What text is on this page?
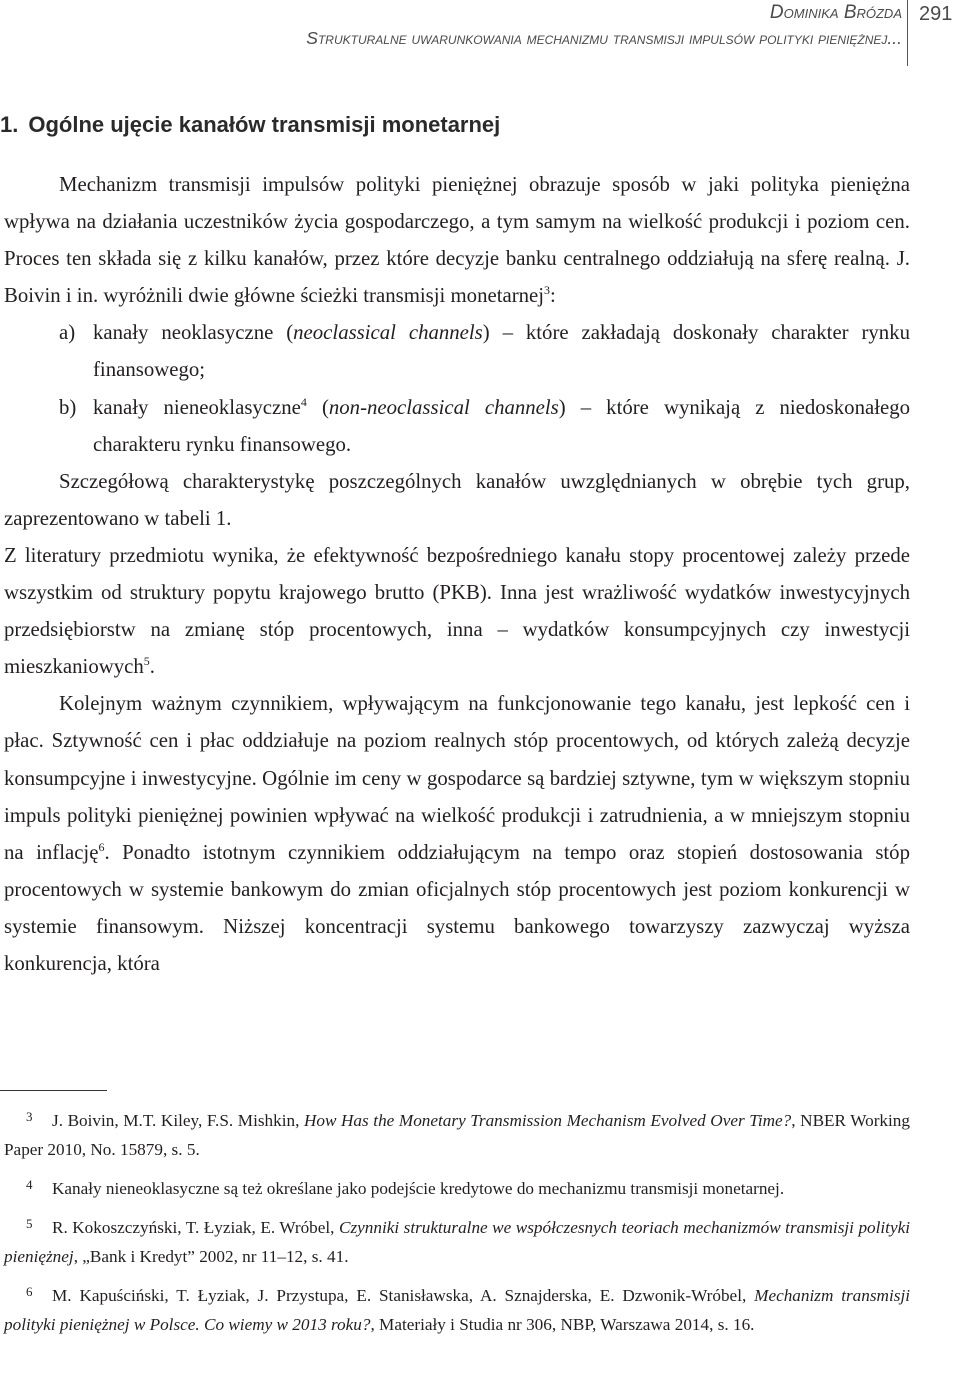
Dominika Brózda
Strukturalne uwarunkowania mechanizmu transmisji impulsów polityki pieniężnej...
291
1. Ogólne ujęcie kanałów transmisji monetarnej

Mechanizm transmisji impulsów polityki pieniężnej obrazuje sposób w jaki polityka pieniężna wpływa na działania uczestników życia gospodarczego, a tym samym na wielkość produkcji i poziom cen. Proces ten składa się z kilku kanałów, przez które decyzje banku centralnego oddziałują na sferę realną. J. Boivin i in. wyróżnili dwie główne ścieżki transmisji monetarnej$^3$:

a) kanały neoklasyczne (neoclassical channels) – które zakładają doskonały charakter rynku finansowego;
b) kanały nieneoklasyczne$^4$ (non-neoclassical channels) – które wynikają z niedoskonałego charakteru rynku finansowego.

Szczegółową charakterystykę poszczególnych kanałów uwzględnianych w obrębie tych grup, zaprezentowano w tabeli 1.

Z literatury przedmiotu wynika, że efektywność bezpośredniego kanału stopy procentowej zależy przede wszystkim od struktury popytu krajowego brutto (PKB). Inna jest wrażliwość wydatków inwestycyjnych przedsiębiorstw na zmianę stóp procentowych, inna – wydatków konsumpcyjnych czy inwestycji mieszkaniowych$^5$.

Kolejnym ważnym czynnikiem, wpływającym na funkcjonowanie tego kanału, jest lepkość cen i płac. Sztywność cen i płac oddziałuje na poziom realnych stóp procentowych, od których zależą decyzje konsumpcyjne i inwestycyjne. Ogólnie im ceny w gospodarce są bardziej sztywne, tym w większym stopniu impuls polityki pieniężnej powinien wpływać na wielkość produkcji i zatrudnienia, a w mniejszym stopniu na inflację$^6$. Ponadto istotnym czynnikiem oddziałującym na tempo oraz stopień dostosowania stóp procentowych w systemie bankowym do zmian oficjalnych stóp procentowych jest poziom konkurencji w systemie finansowym. Niższej koncentracji systemu bankowego towarzyszy zazwyczaj wyższa konkurencja, która

3 J. Boivin, M.T. Kiley, F.S. Mishkin, How Has the Monetary Transmission Mechanism Evolved Over Time?, NBER Working Paper 2010, No. 15879, s. 5.

4 Kanały nieneoklasyczne są też określane jako podejście kredytowe do mechanizmu transmisji monetarnej.

5 R. Kokoszczyński, T. Łyziak, E. Wróbel, Czynniki strukturalne we współczesnych teoriach mechanizmów transmisji polityki pieniężnej, „Bank i Kredyt” 2002, nr 11–12, s. 41.

6 M. Kapuściński, T. Łyziak, J. Przystupa, E. Stanisławska, A. Sznajderska, E. Dzwonik-Wróbel, Mechanizm transmisji polityki pieniężnej w Polsce. Co wiemy w 2013 roku?, Materiały i Studia nr 306, NBP, Warszawa 2014, s. 16.
